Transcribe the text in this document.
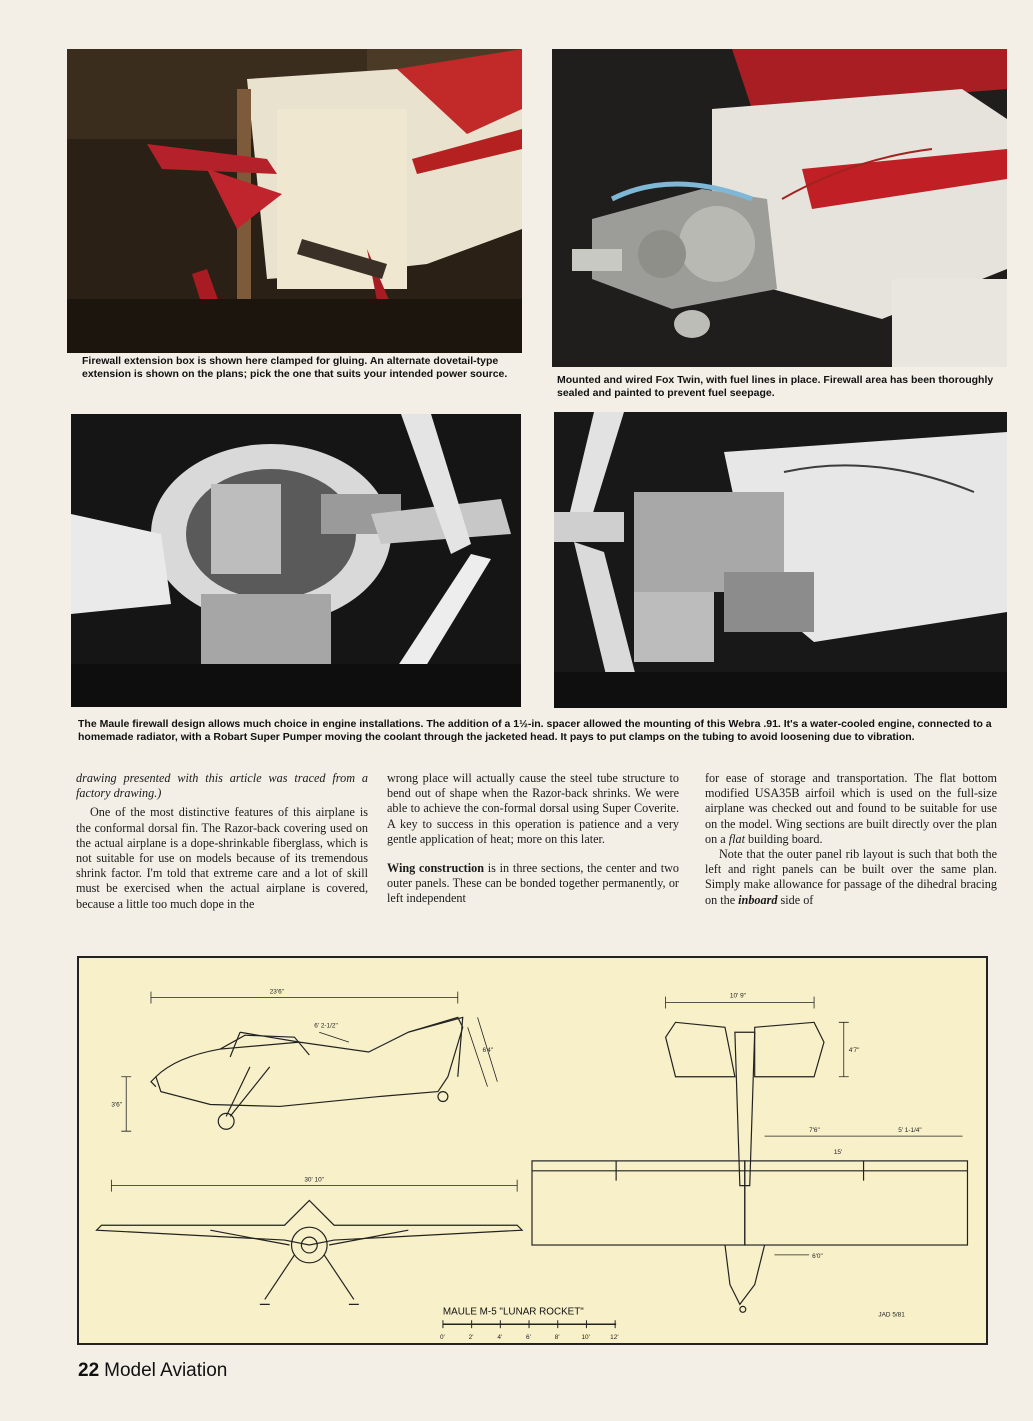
Firewall extension box is shown here clamped for gluing. An alternate dovetail-type extension is shown on the plans; pick the one that suits your intended power source.	Mounted and wired Fox Twin, with fuel lines in place. Firewall area has been thoroughly sealed and painted to prevent fuel seepage.
The Maule firewall design allows much choice in engine installations. The addition of a 1½-in. spacer allowed the mounting of this Webra .91. It's a water-cooled engine, connected to a homemade radiator, with a Robart Super Pumper moving the coolant through the jacketed head. It pays to put clamps on the tubing to avoid loosening due to vibration.

drawing presented with this article was traced from a factory drawing.)

One of the most distinctive features of this airplane is the conformal dorsal fin. The Razor-back covering used on the actual airplane is a dope-shrinkable fiberglass, which is not suitable for use on models because of its tremendous shrink factor. I'm told that extreme care and a lot of skill must be exercised when the actual airplane is covered, because a little too much dope in the

wrong place will actually cause the steel tube structure to bend out of shape when the Razor-back shrinks. We were able to achieve the con-formal dorsal using Super Coverite. A key to success in this operation is patience and a very gentle application of heat; more on this later.

Wing construction is in three sections, the center and two outer panels. These can be bonded together permanently, or left independent

for ease of storage and transportation. The flat bottom modified USA35B airfoil which is used on the full-size airplane was checked out and found to be suitable for use on the model. Wing sections are built directly over the plan on a flat building board.

Note that the outer panel rib layout is such that both the left and right panels can be built over the same plan. Simply make allowance for passage of the dihedral bracing on the inboard side of

23'6"
6'4"
3'6"
6' 2-1/2"
30' 10"
10' 9"
4'7"
7'6"	5' 1-1/4"
15'
6'0"
MAULE M-5 "LUNAR ROCKET"	JAD 5/81
0'	2'	4'	6'	8'	10'	12'
22 Model Aviation
